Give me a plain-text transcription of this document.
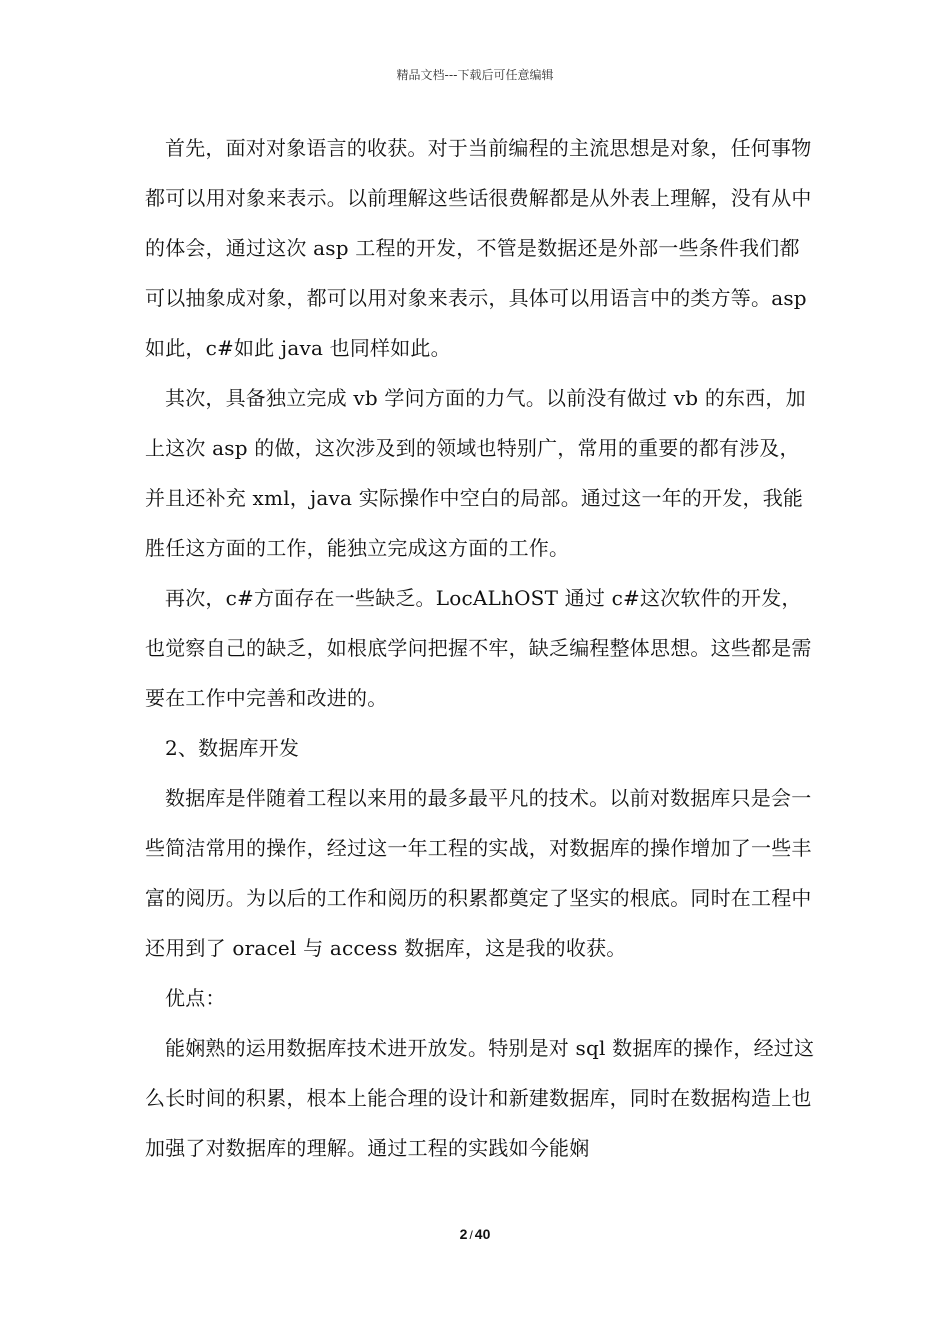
精品文档---下载后可任意编辑

首先，面对对象语言的收获。对于当前编程的主流思想是对象，任何事物都可以用对象来表示。以前理解这些话很费解都是从外表上理解，没有从中的体会，通过这次 asp 工程的开发，不管是数据还是外部一些条件我们都可以抽象成对象，都可以用对象来表示，具体可以用语言中的类方等。asp 如此，c#如此 java 也同样如此。

其次，具备独立完成 vb 学问方面的力气。以前没有做过 vb 的东西，加上这次 asp 的做，这次涉及到的领域也特别广，常用的重要的都有涉及，并且还补充 xml，java 实际操作中空白的局部。通过这一年的开发，我能胜任这方面的工作，能独立完成这方面的工作。

再次，c#方面存在一些缺乏。LocALhOST 通过 c#这次软件的开发，也觉察自己的缺乏，如根底学问把握不牢，缺乏编程整体思想。这些都是需要在工作中完善和改进的。

2、数据库开发

数据库是伴随着工程以来用的最多最平凡的技术。以前对数据库只是会一些简洁常用的操作，经过这一年工程的实战，对数据库的操作增加了一些丰富的阅历。为以后的工作和阅历的积累都奠定了坚实的根底。同时在工程中还用到了 oracel 与 access 数据库，这是我的收获。

优点：

能娴熟的运用数据库技术进开放发。特别是对 sql 数据库的操作，经过这么长时间的积累，根本上能合理的设计和新建数据库，同时在数据构造上也加强了对数据库的理解。通过工程的实践如今能娴

2 / 40
